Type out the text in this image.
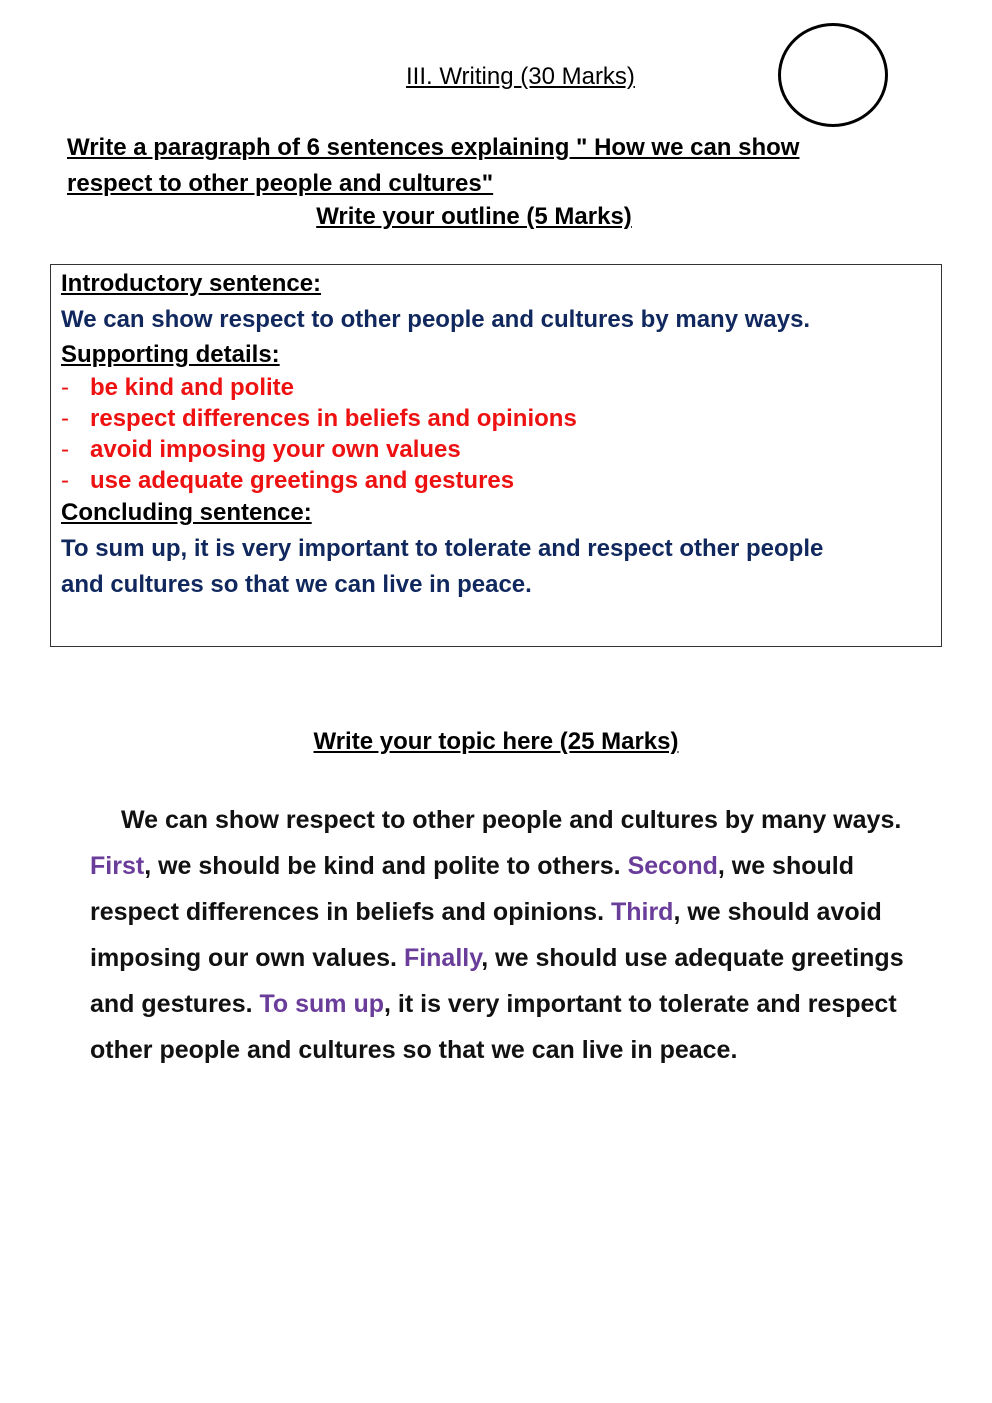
III. Writing (30 Marks)
Write a paragraph of 6 sentences explaining " How we can show
respect to other people and cultures"
Write your outline (5 Marks)
Introductory sentence:
We can show respect to other people and cultures by many ways.
Supporting details:
- be kind and polite
- respect differences in beliefs and opinions
- avoid imposing your own values
- use adequate greetings and gestures
Concluding sentence:
To sum up, it is very important to tolerate and respect other people and cultures so that we can live in peace.
Write your topic here (25 Marks)
We can show respect to other people and cultures by many ways. First, we should be kind and polite to others. Second, we should respect differences in beliefs and opinions. Third, we should avoid imposing our own values. Finally, we should use adequate greetings and gestures. To sum up, it is very important to tolerate and respect other people and cultures so that we can live in peace.
